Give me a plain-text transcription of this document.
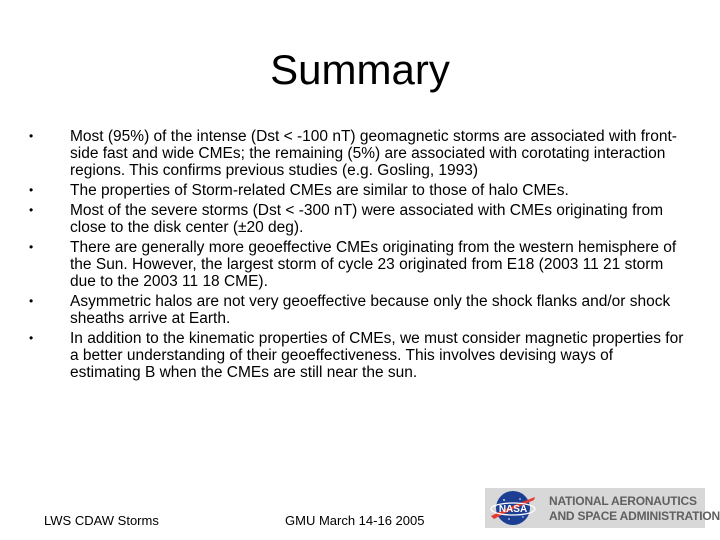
Summary
• Most (95%) of the intense (Dst < -100 nT) geomagnetic storms are associated with front-side fast and wide CMEs; the remaining (5%) are associated with corotating interaction regions. This confirms previous studies (e.g. Gosling, 1993)
• The properties of Storm-related CMEs are similar to those of halo CMEs.
• Most of the severe storms (Dst < -300 nT) were associated with CMEs originating from close to the disk center (±20 deg).
• There are generally more geoeffective CMEs originating from the western hemisphere of the Sun. However, the largest storm of cycle 23 originated from E18 (2003 11 21 storm due to the 2003 11 18 CME).
• Asymmetric halos are not very geoeffective because only the shock flanks and/or shock sheaths arrive at Earth.
• In addition to the kinematic properties of CMEs, we must consider magnetic properties for a better understanding of their geoeffectiveness. This involves devising ways of estimating B when the CMEs are still near the sun.
LWS CDAW Storms	GMU March 14-16 2005
NASA
NATIONAL AERONAUTICS
AND SPACE ADMINISTRATION
